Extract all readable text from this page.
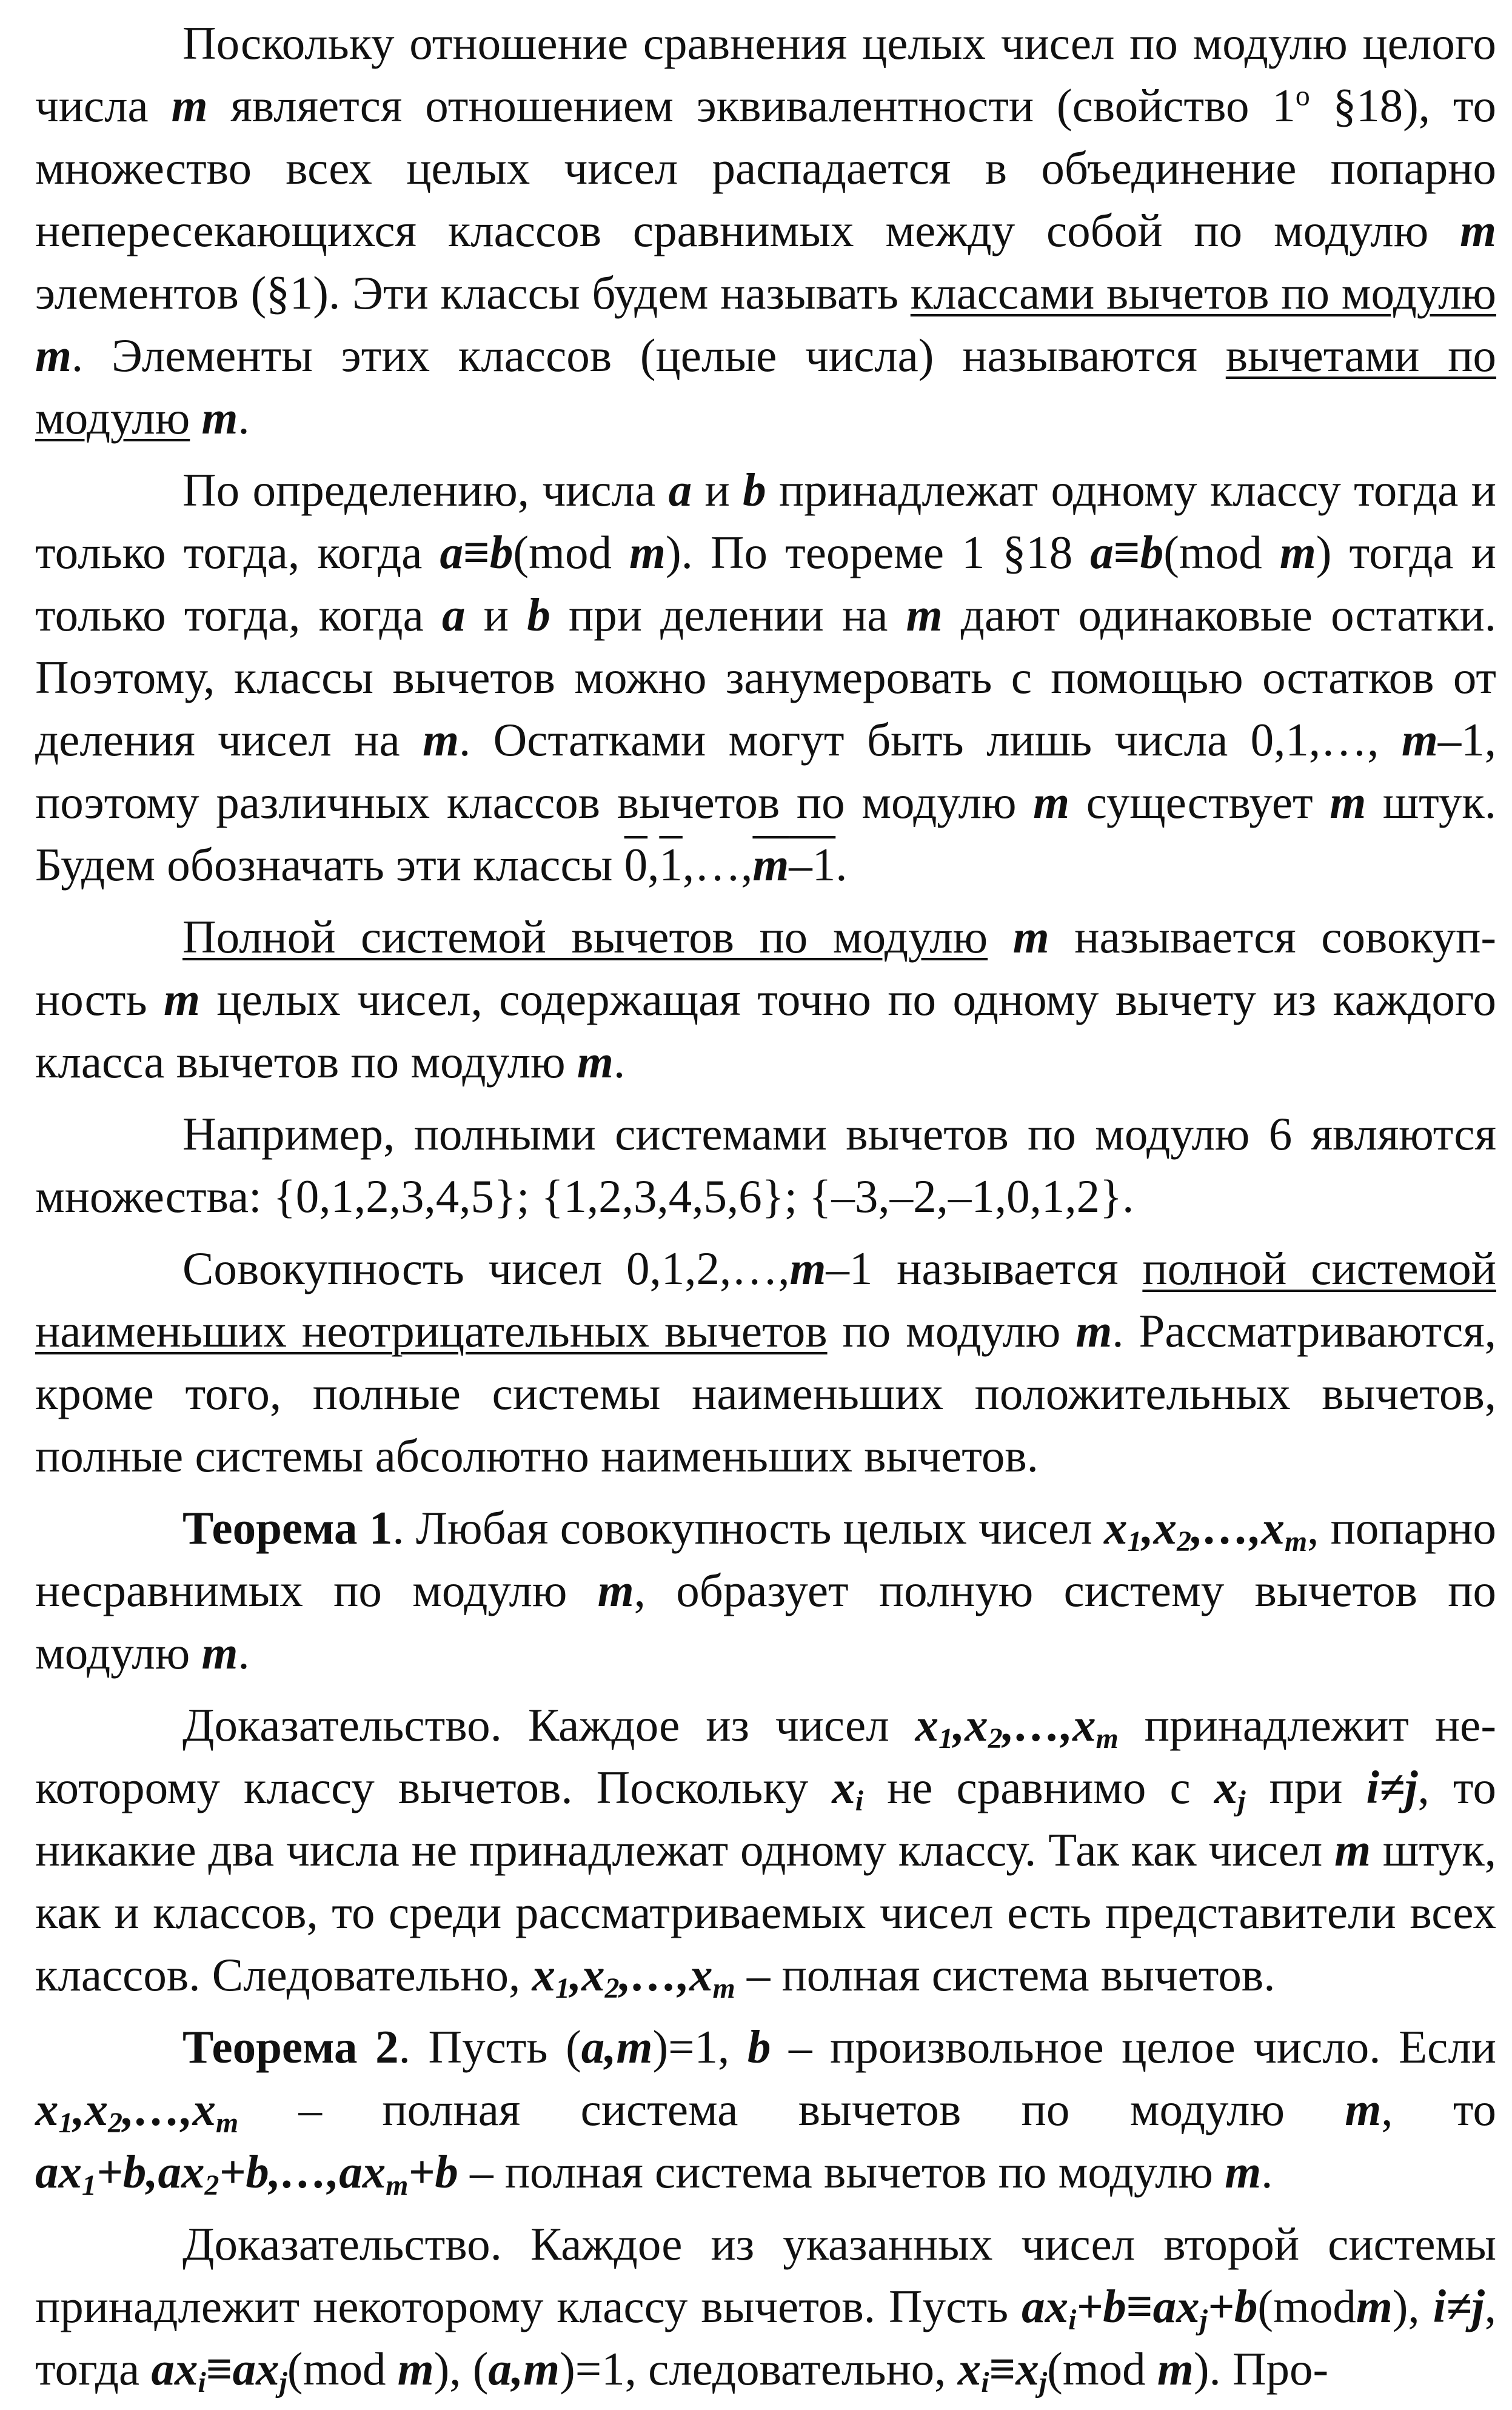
Поскольку отношение сравнения целых чисел по модулю целого числа m является отношением эквивалентности (свойство 1$^o$ §18), то множество всех целых чисел распадается в объединение попарно непересекающихся классов сравнимых между собой по модулю m элементов (§1). Эти классы будем называть классами вычетов по модулю m. Элементы этих классов (целые числа) называются вычетами по модулю m.

По определению, числа a и b принадлежат одному классу тогда и только тогда, когда a≡b(mod m). По теореме 1 §18 a≡b(mod m) тогда и только тогда, когда a и b при делении на m дают одинаковые остатки. Поэтому, классы вычетов можно занумеровать с помощью остатков от деления чисел на m. Остатками могут быть лишь числа 0,1,…, m–1, поэтому различных классов вычетов по модулю m существует m штук. Будем обозначать эти классы 0,1,…,m–1.

Полной системой вычетов по модулю m называется совокупность m целых чисел, содержащая точно по одному вычету из каждого класса вычетов по модулю m.

Например, полными системами вычетов по модулю 6 являются множества: {0,1,2,3,4,5}; {1,2,3,4,5,6}; {–3,–2,–1,0,1,2}.

Совокупность чисел 0,1,2,…,m–1 называется полной системой наименьших неотрицательных вычетов по модулю m. Рассматриваются, кроме того, полные системы наименьших положительных вычетов, полные системы абсолютно наименьших вычетов.

Теорема 1. Любая совокупность целых чисел $x_1,x_2,\dots,x_m$, попарно несравнимых по модулю m, образует полную систему вычетов по модулю m.

Доказательство. Каждое из чисел $x_1,x_2,\dots,x_m$ принадлежит некоторому классу вычетов. Поскольку $x_i$ не сравнимо с $x_j$ при i≠j, то никакие два числа не принадлежат одному классу. Так как чисел m штук, как и классов, то среди рассматриваемых чисел есть представители всех классов. Следовательно, $x_1,x_2,\dots,x_m$ – полная система вычетов.

Теорема 2. Пусть (a,m)=1, b – произвольное целое число. Если $x_1,x_2,\dots,x_m$ – полная система вычетов по модулю m, то $ax_1+b,ax_2+b,\dots,ax_m+b$ – полная система вычетов по модулю m.

Доказательство. Каждое из указанных чисел второй системы принадлежит некоторому классу вычетов. Пусть $ax_i+b\equiv ax_j+b(modm)$, i≠j, тогда $ax_i\equiv ax_j(mod$ m), (a,m)=1, следовательно, $x_i\equiv x_j(mod$ m). Про-
